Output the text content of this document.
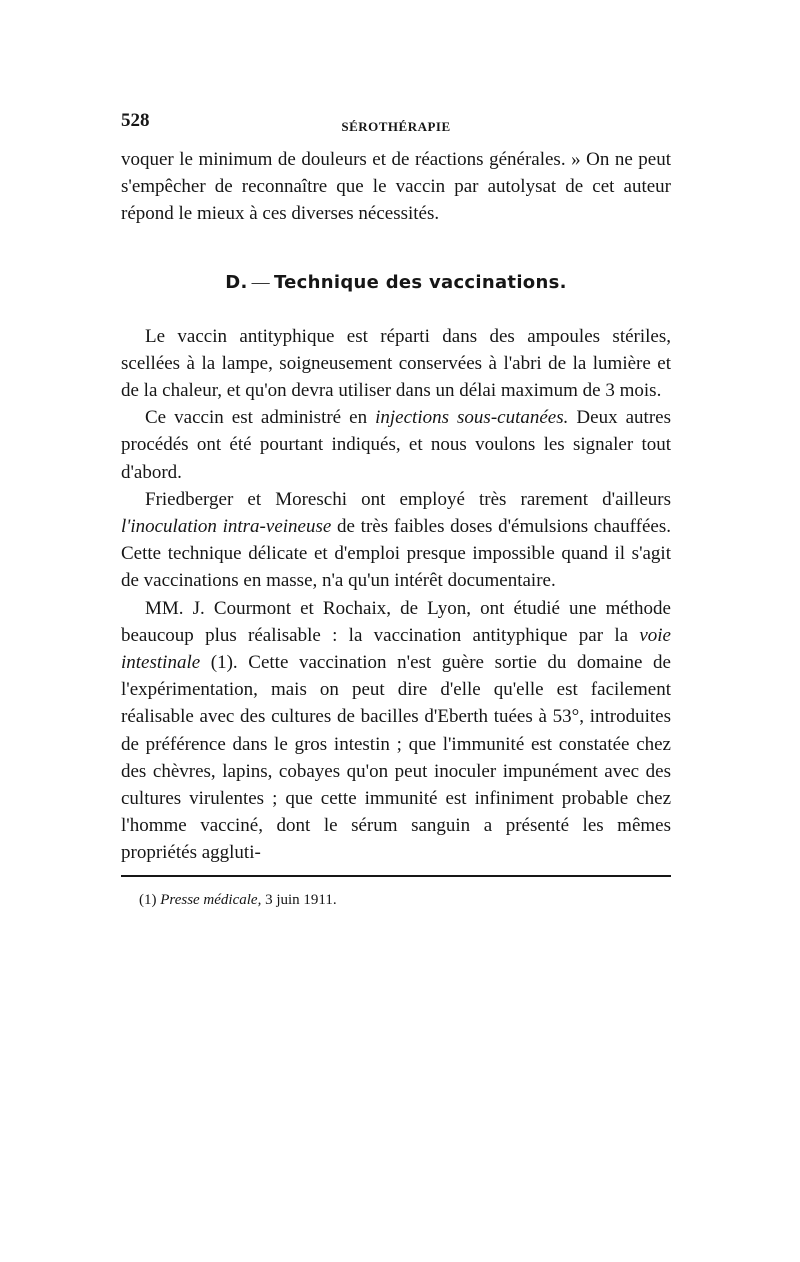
528	SÉROTHÉRAPIE

voquer le minimum de douleurs et de réactions générales. » On ne peut s'empêcher de reconnaître que le vaccin par autolysat de cet auteur répond le mieux à ces diverses nécessités.

D. — Technique des vaccinations.

Le vaccin antityphique est réparti dans des ampoules stériles, scellées à la lampe, soigneusement conservées à l'abri de la lumière et de la chaleur, et qu'on devra utiliser dans un délai maximum de 3 mois.

Ce vaccin est administré en injections sous-cutanées. Deux autres procédés ont été pourtant indiqués, et nous voulons les signaler tout d'abord.

Friedberger et Moreschi ont employé très rarement d'ailleurs l'inoculation intra-veineuse de très faibles doses d'émulsions chauffées. Cette technique délicate et d'emploi presque impossible quand il s'agit de vaccinations en masse, n'a qu'un intérêt documentaire.

MM. J. Courmont et Rochaix, de Lyon, ont étudié une méthode beaucoup plus réalisable : la vaccination antityphique par la voie intestinale (1). Cette vaccination n'est guère sortie du domaine de l'expérimentation, mais on peut dire d'elle qu'elle est facilement réalisable avec des cultures de bacilles d'Eberth tuées à 53°, introduites de préférence dans le gros intestin ; que l'immunité est constatée chez des chèvres, lapins, cobayes qu'on peut inoculer impunément avec des cultures virulentes ; que cette immunité est infiniment probable chez l'homme vacciné, dont le sérum sanguin a présenté les mêmes propriétés aggluti-

(1) Presse médicale, 3 juin 1911.
